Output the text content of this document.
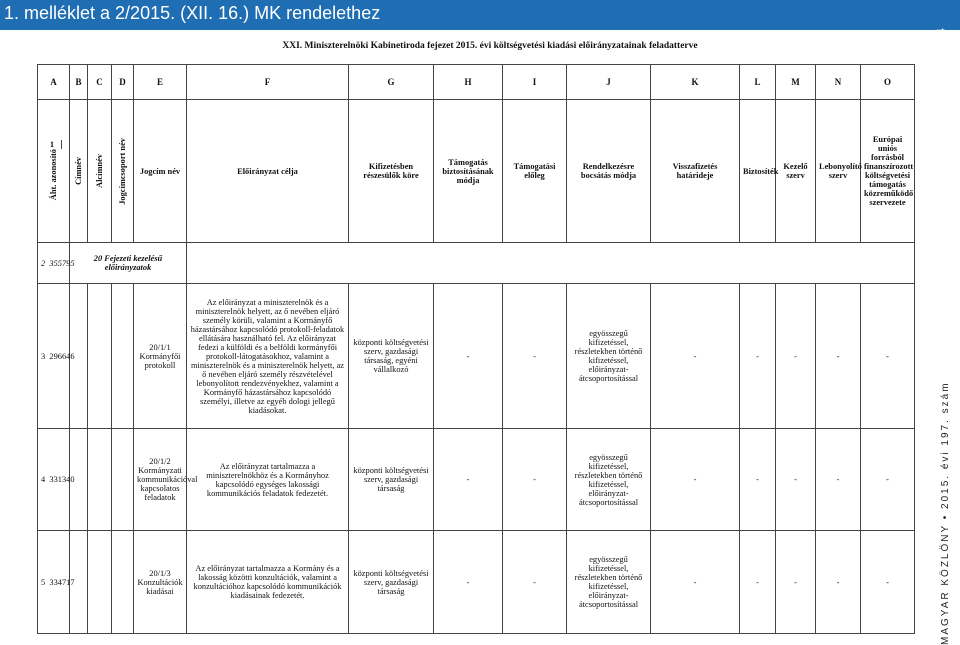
1. melléklet a 2/2015. (XII. 16.) MK rendelethez
26304
XXI. Miniszterelnöki Kabinetiroda fejezet 2015. évi költségvetési kiadási előirányzatainak feladatterve
A	B	C	D	E	F	G	H	I	J	K	L	M	N	O
1 Áht. azonosító	Címnév	Alcímnév	Jogcímcsoport név	Jogcím név	Előirányzat célja	Kifizetésben részesülők köre	Támogatás biztosításának módja	Támogatási előleg	Rendelkezésre bocsátás módja	Visszafizetés határideje	Biztosíték	Kezelő szerv	Lebonyolító szerv	Európai uniós forrásból finanszírozott költségvetési támogatás közreműködő szervezete
2 355795	20 Fejezeti kezelésű előirányzatok													
3 296646				20/1/1 Kormányfői protokoll	Az előirányzat a miniszterelnök és a miniszterelnök helyett, az ő nevében eljáró személy körüli, valamint a Kormányfő házastársához kapcsolódó protokoll-feladatok ellátására használható fel. Az előirányzat fedezi a külföldi és a belföldi kormányfői protokoll-látogatásokhoz, valamint a miniszterelnök és a miniszterelnök helyett, az ő nevében eljáró személy részvételével lebonyolított rendezvényekhez, valamint a Kormányfő házastársához kapcsolódó személyi, illetve az egyéb dologi jellegű kiadásokat.	központi költségvetési szerv, gazdasági társaság, egyéni vállalkozó	-	-	egyösszegű kifizetéssel, részletekben történő kifizetéssel, előirányzat-átcsoportosítással	-	-	-	-	-
4 331340				20/1/2 Kormányzati kommunikációval kapcsolatos feladatok	Az előirányzat tartalmazza a miniszterelnökhöz és a Kormányhoz kapcsolódó egységes lakossági kommunikációs feladatok fedezetét.	központi költségvetési szerv, gazdasági társaság	-	-	egyösszegű kifizetéssel, részletekben történő kifizetéssel, előirányzat-átcsoportosítással	-	-	-	-	-
5 334717				20/1/3 Konzultációk kiadásai	Az előirányzat tartalmazza a Kormány és a lakosság közötti konzultációk, valamint a konzultációhoz kapcsolódó kommunikációk kiadásainak fedezetét.	központi költségvetési szerv, gazdasági társaság	-	-	egyösszegű kifizetéssel, részletekben történő kifizetéssel, előirányzat-átcsoportosítással	-	-	-	-	-	MAGYAR KÖZLÖNY • 2015. évi 197. szám
